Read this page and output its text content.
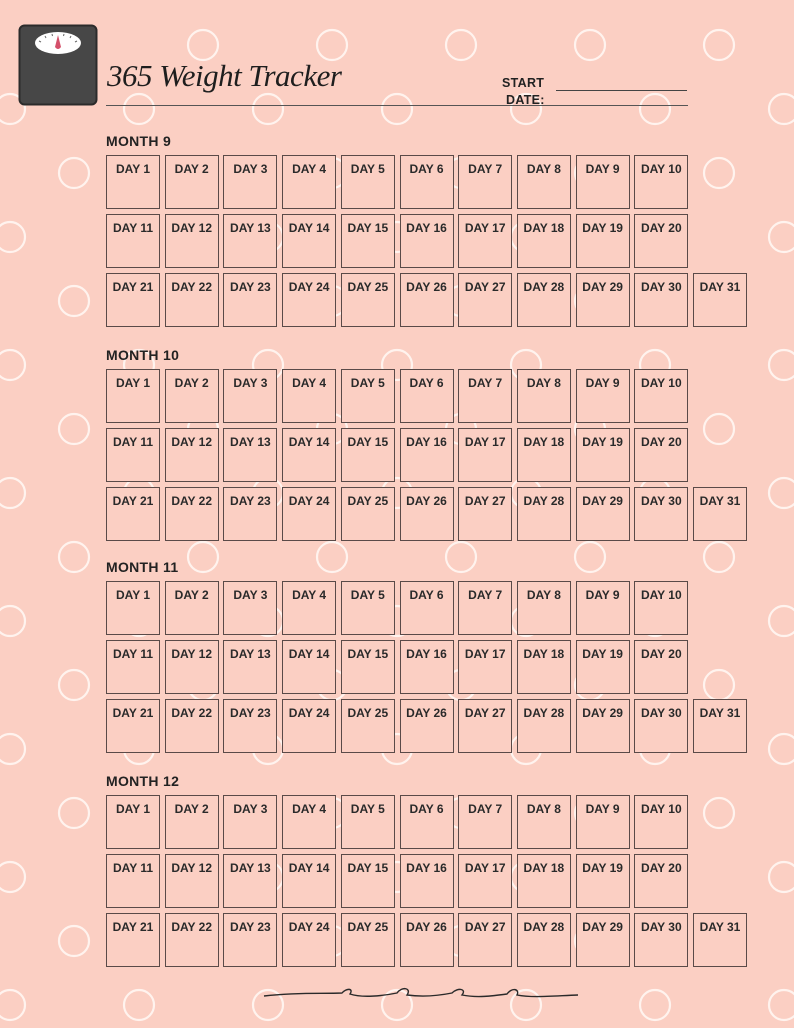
365 Weight Tracker	START
DATE:
MONTH 9
DAY 1	DAY 2	DAY 3	DAY 4	DAY 5	DAY 6	DAY 7	DAY 8	DAY 9	DAY 10
DAY 11	DAY 12	DAY 13	DAY 14	DAY 15	DAY 16	DAY 17	DAY 18	DAY 19	DAY 20
DAY 21	DAY 22	DAY 23	DAY 24	DAY 25	DAY 26	DAY 27	DAY 28	DAY 29	DAY 30	DAY 31
MONTH 10
DAY 1	DAY 2	DAY 3	DAY 4	DAY 5	DAY 6	DAY 7	DAY 8	DAY 9	DAY 10
DAY 11	DAY 12	DAY 13	DAY 14	DAY 15	DAY 16	DAY 17	DAY 18	DAY 19	DAY 20
DAY 21	DAY 22	DAY 23	DAY 24	DAY 25	DAY 26	DAY 27	DAY 28	DAY 29	DAY 30	DAY 31
MONTH 11
DAY 1	DAY 2	DAY 3	DAY 4	DAY 5	DAY 6	DAY 7	DAY 8	DAY 9	DAY 10
DAY 11	DAY 12	DAY 13	DAY 14	DAY 15	DAY 16	DAY 17	DAY 18	DAY 19	DAY 20
DAY 21	DAY 22	DAY 23	DAY 24	DAY 25	DAY 26	DAY 27	DAY 28	DAY 29	DAY 30	DAY 31
MONTH 12
DAY 1	DAY 2	DAY 3	DAY 4	DAY 5	DAY 6	DAY 7	DAY 8	DAY 9	DAY 10
DAY 11	DAY 12	DAY 13	DAY 14	DAY 15	DAY 16	DAY 17	DAY 18	DAY 19	DAY 20
DAY 21	DAY 22	DAY 23	DAY 24	DAY 25	DAY 26	DAY 27	DAY 28	DAY 29	DAY 30	DAY 31
